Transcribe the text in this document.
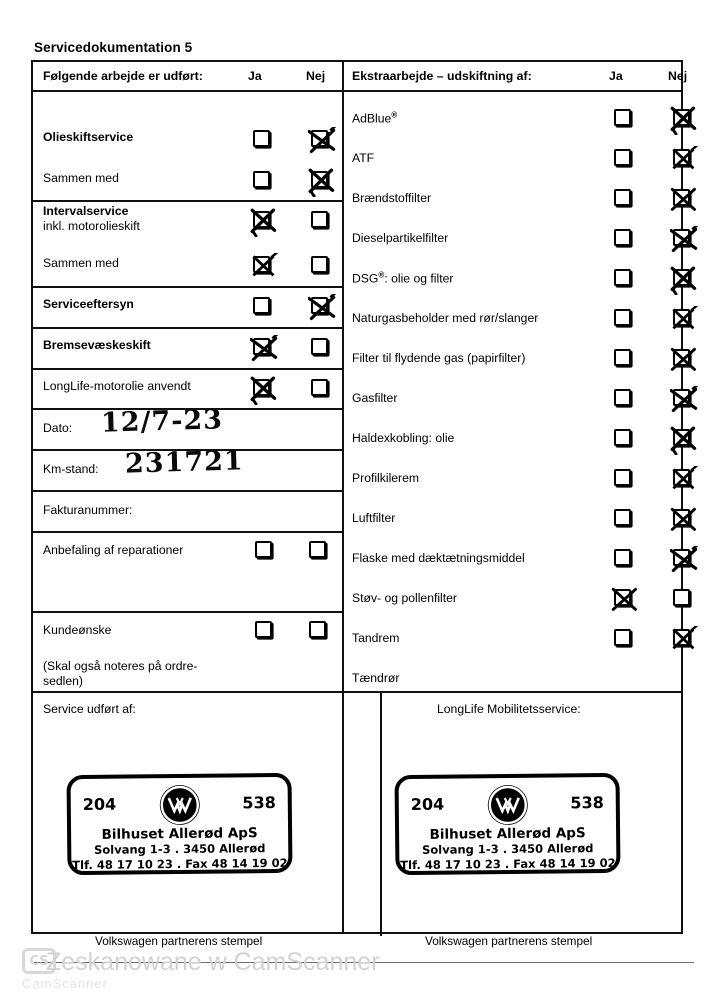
Servicedokumentation 5
Følgende arbejde er udført:	Ja	Nej Ekstraarbejde – udskiftning af:	Ja	Nej
Olieskiftservice
Sammen med
Intervalservice
inkl. motorolieskift
Sammen med
Serviceeftersyn
Bremsevæskeskift
LongLife-motorolie anvendt
Dato: 12/7-23
Km-stand: 231721
Fakturanummer:
Anbefaling af reparationer
Kundeønske
(Skal også noteres på ordre-
sedlen)
AdBlue®
ATF
Brændstoffilter
Dieselpartikelfilter
DSG®: olie og filter
Naturgasbeholder med rør/slanger
Filter til flydende gas (papirfilter)
Gasfilter
Haldexkobling: olie
Profilkilerem
Luftfilter
Flaske med dæktætningsmiddel
Støv- og pollenfilter
Tandrem
Tændrør
Service udført af:	LongLife Mobilitetsservice:
204	538
Bilhuset Allerød ApS
Solvang 1-3 . 3450 Allerød
Tlf. 48 17 10 23 . Fax 48 14 19 02
204	538
Bilhuset Allerød ApS
Solvang 1-3 . 3450 Allerød
Tlf. 48 17 10 23 . Fax 48 14 19 02
Volkswagen partnerens stempel	Volkswagen partnerens stempel
CS
Zeskanowane w CamScanner
CamScanner
